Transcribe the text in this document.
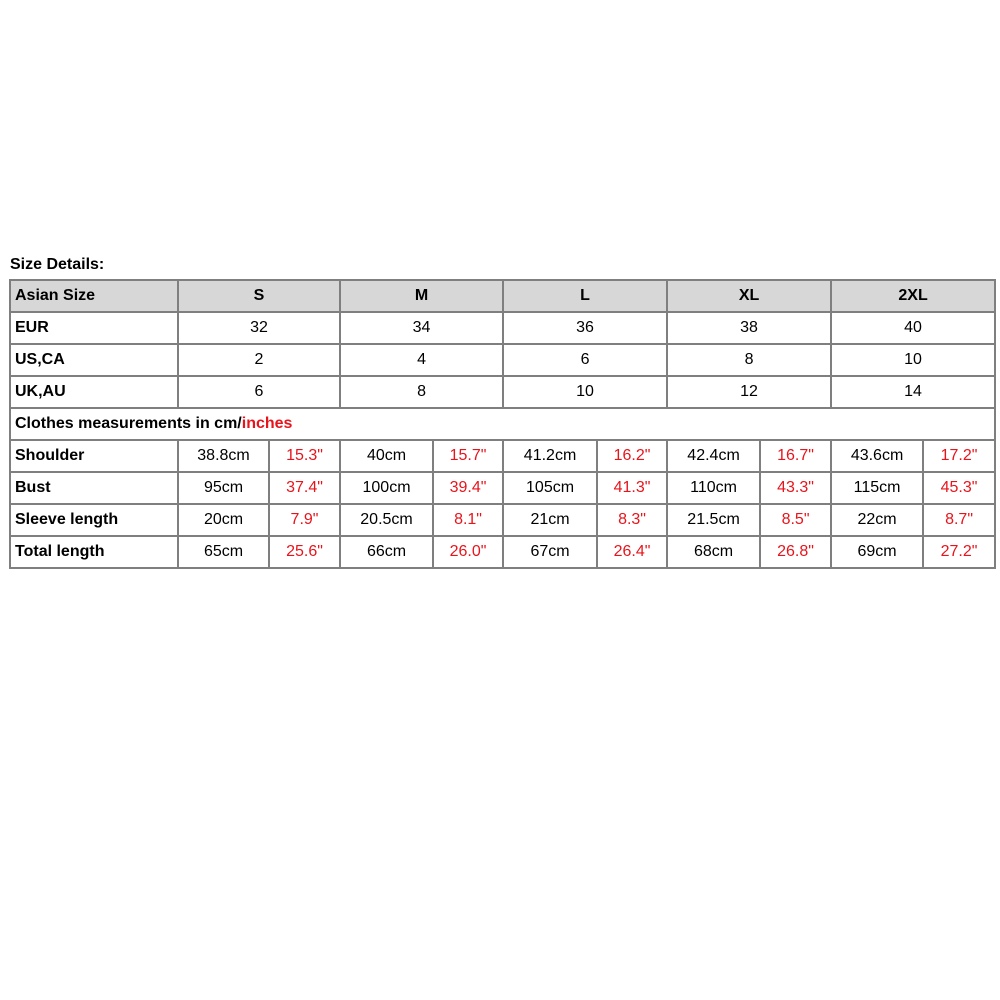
Size Details:
Asian Size	S		M		L		XL		2XL	
EUR	32		34		36		38		40	
US,CA	2		4		6		8		10	
UK,AU	6		8		10		12		14	
Clothes measurements in cm/inches										
Shoulder	38.8cm	15.3"	40cm	15.7"	41.2cm	16.2"	42.4cm	16.7"	43.6cm	17.2"
Bust	95cm	37.4"	100cm	39.4"	105cm	41.3"	110cm	43.3"	115cm	45.3"
Sleeve length	20cm	7.9"	20.5cm	8.1"	21cm	8.3"	21.5cm	8.5"	22cm	8.7"
Total length	65cm	25.6"	66cm	26.0"	67cm	26.4"	68cm	26.8"	69cm	27.2"
